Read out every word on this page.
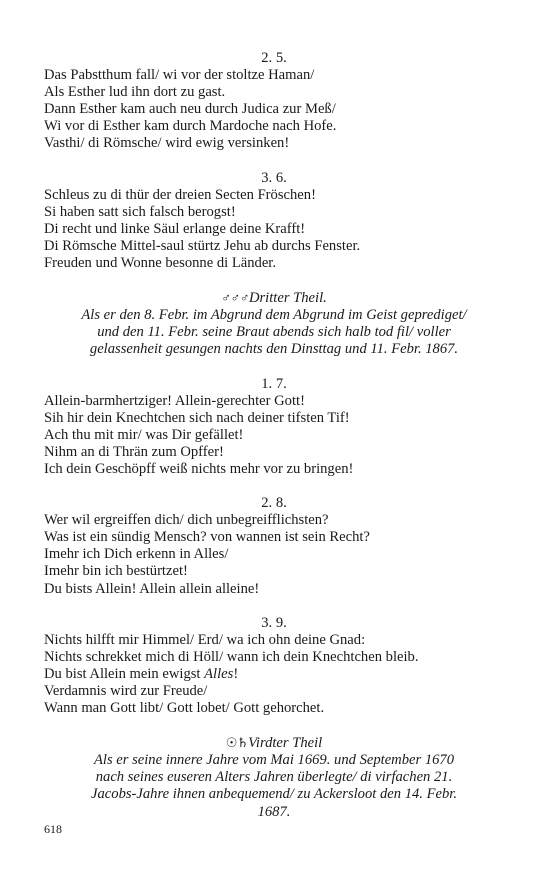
2. 5.
Das Pabstthum fall/ wi vor der stoltze Haman/
Als Esther lud ihn dort zu gast.
Dann Esther kam auch neu durch Judica zur Meß/
Wi vor di Esther kam durch Mardoche nach Hofe.
Vasthi/ di Römsche/ wird ewig versinken!
3. 6.
Schleus zu di thür der dreien Secten Fröschen!
Si haben satt sich falsch berogst!
Di recht und linke Säul erlange deine Krafft!
Di Römsche Mittel-saul stürtz Jehu ab durchs Fenster.
Freuden und Wonne besonne di Länder.
♂♂♂Dritter Theil.
Als er den 8. Febr. im Abgrund dem Abgrund im Geist geprediget/
und den 11. Febr. seine Braut abends sich halb tod fil/ voller
gelassenheit gesungen nachts den Dinsttag und 11. Febr. 1867.
1. 7.
Allein-barmhertziger! Allein-gerechter Gott!
Sih hir dein Knechtchen sich nach deiner tifsten Tif!
Ach thu mit mir/ was Dir gefället!
Nihm an di Thrän zum Opffer!
Ich dein Geschöpff weiß nichts mehr vor zu bringen!
2. 8.
Wer wil ergreiffen dich/ dich unbegreifflichsten?
Was ist ein sündig Mensch? von wannen ist sein Recht?
Imehr ich Dich erkenn in Alles/
Imehr bin ich bestürtzet!
Du bists Allein! Allein allein alleine!
3. 9.
Nichts hilfft mir Himmel/ Erd/ wa ich ohn deine Gnad:
Nichts schrekket mich di Höll/ wann ich dein Knechtchen bleib.
Du bist Allein mein ewigst Alles!
Verdamnis wird zur Freude/
Wann man Gott libt/ Gott lobet/ Gott gehorchet.
☉♄Virdter Theil
Als er seine innere Jahre vom Mai 1669. und September 1670
nach seines euseren Alters Jahren überlegte/ di virfachen 21.
Jacobs-Jahre ihnen anbequemend/ zu Ackersloot den 14. Febr.
1687.
618
